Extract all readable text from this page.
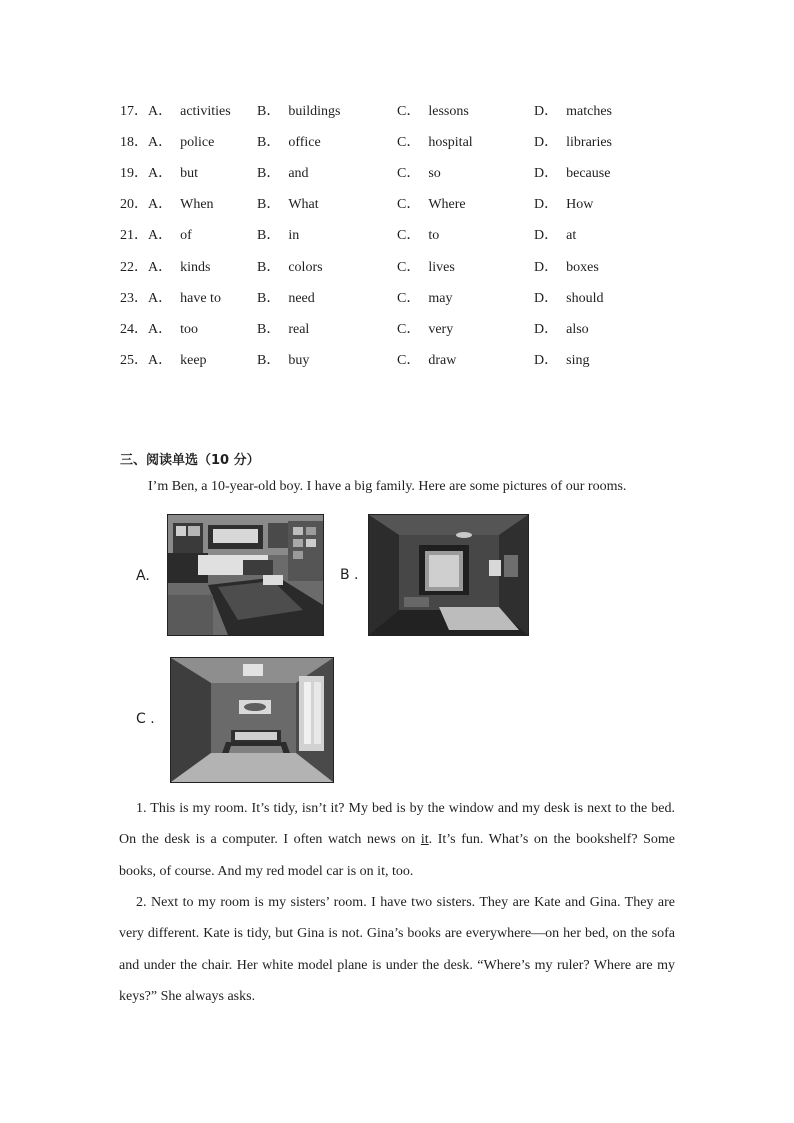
17．A． activities B． buildings	C． lessons	D． matches
18．A． police	B． office	C． hospital	D． libraries
19．A． but	B． and	C． so	D． because
20．A． When	B． What	C． Where	D． How
21．A． of	B． in	C． to	D． at
22．A． kinds	B． colors	C． lives	D． boxes
23．A． have to	B． need	C． may	D． should
24．A． too	B． real	C． very	D． also
25．A． keep	B． buy	C． draw	D． sing
三、阅读单选（10 分）
I’m Ben, a 10-year-old boy. I have a big family. Here are some pictures of our rooms.
A.	B .
C .
1. This is my room. It’s tidy, isn’t it? My bed is by the window and my desk is next to the bed. On the desk is a computer. I often watch news on it. It’s fun. What’s on the bookshelf? Some books, of course. And my red model car is on it, too.
2. Next to my room is my sisters’ room. I have two sisters. They are Kate and Gina. They are very different. Kate is tidy, but Gina is not. Gina’s books are everywhere—on her bed, on the sofa and under the chair. Her white model plane is under the desk. “Where’s my ruler? Where are my keys?” She always asks.
